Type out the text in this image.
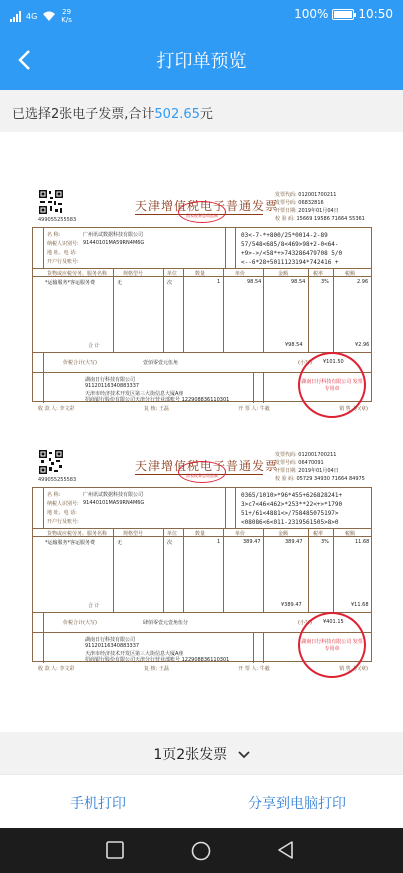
4G	29
K/s	100%	10:50
打印单预览
已选择2张电子发票,合计502.65元
499055255583
天津增值税电子普通发票
国家税务总局监制
发票代码: 012001700211
发票号码: 06832816
开票日期: 2019年01月04日
校 验 码: 15669 19586 71664 55361
名 称:	广州讯试数据科技有限公司
纳税人识别号: 91440101MA59RN4M6G
地 址、电 话:
开户行及账号:
03<-7-*+800/25*0014-2-89
57/548<685/8<469>98+2-0<64-
+9>->/<58*+>743286479708 5/0
<--6*28+5011123194*742416 +
货物或应税劳务、服务名称	规格型号	单位	数量	单价	金额	税率	税额
*运输服务*客运服务费	无	次	1	98.54	98.54	3%	2.96
合 计	¥98.54	¥2.96
价税合计(大写)	壹佰零壹元伍角	(小写) ¥101.50
湖南日行科技有限公司
91120116340883337
天津市经济技术开发区第三大街信息大厦A座
招商银行股份有限公司天津分行营业部账号 122908836110301
湖南日行科技有限公司 发票专用章
收 款 人: 李文彩	复 核: 王磊	开 票 人: 牛毅	销 售 方:(章)
499055255583
天津增值税电子普通发票
国家税务总局监制
发票代码: 012001700211
发票号码: 06470091
开票日期: 2019年01月04日
校 验 码: 05729 34930 71664 84975
名 称:	广州讯试数据科技有限公司
纳税人识别号: 91440101MA59RN4M6G
地 址、电 话:
开户行及账号:
0365/1010>*96*455+626828241+
3>c7<46<462>*253**22<+>*1790
51+/61<4881<>/758485075197>
<08086<6<011-2319561505>8>0
货物或应税劳务、服务名称	规格型号	单位	数量	单价	金额	税率	税额
*运输服务*客运服务费	无	次	1	389.47	389.47	3%	11.68
合 计	¥389.47	¥11.68
价税合计(大写)	肆佰零壹元壹角伍分	(小写) ¥401.15
湖南日行科技有限公司
91120116340883337
天津市经济技术开发区第三大街信息大厦A座
招商银行股份有限公司天津分行营业部账号 122908836110301
湖南日行科技有限公司 发票专用章
收 款 人: 李文彩	复 核: 王磊	开 票 人: 牛毅	销 售 方:(章)
1页2张发票
手机打印	分享到电脑打印
